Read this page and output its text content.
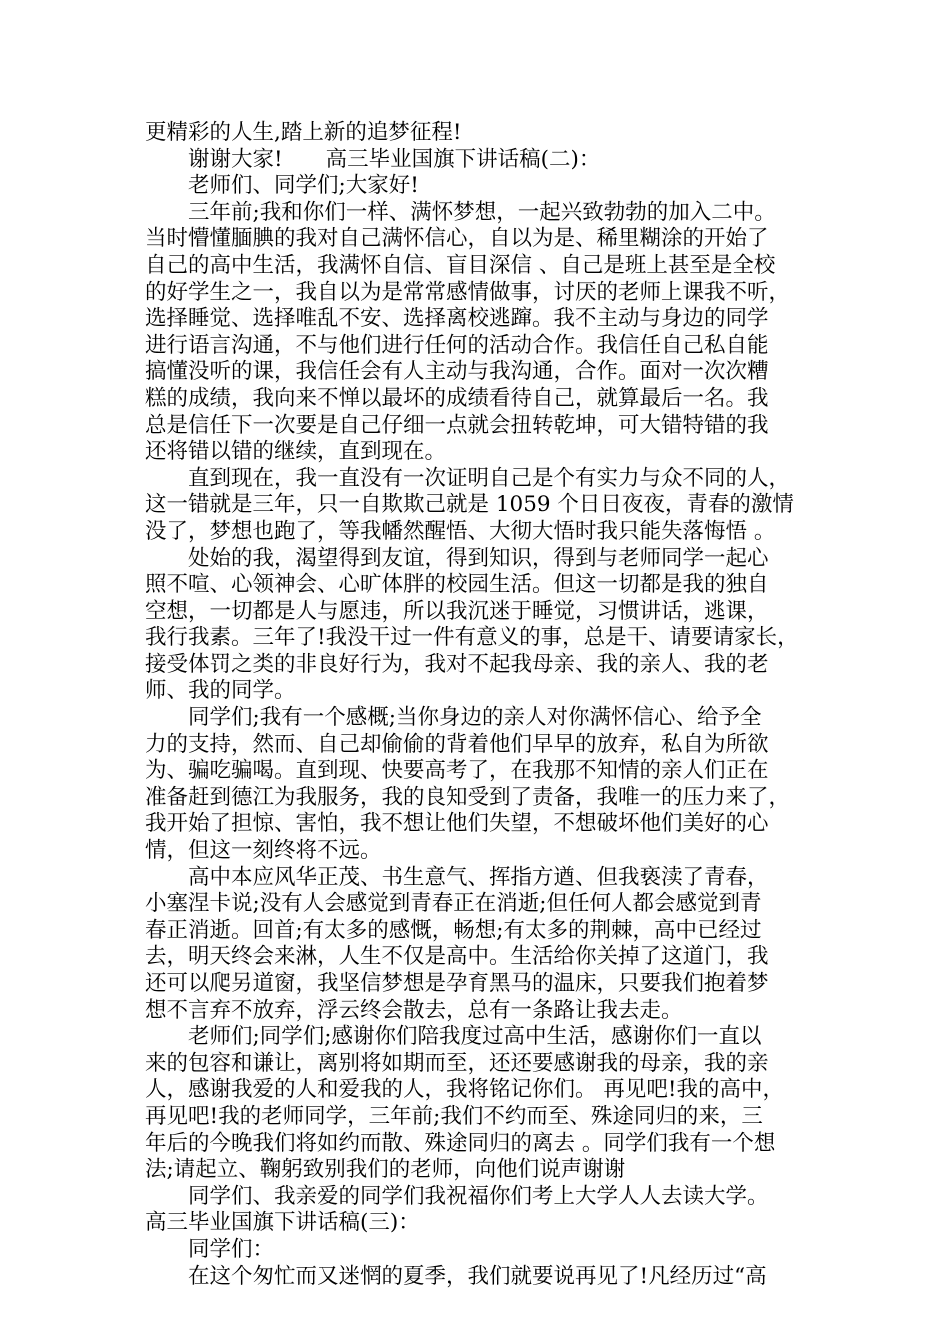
更精彩的人生,踏上新的追梦征程!
谢谢大家!　　高三毕业国旗下讲话稿(二)：
老师们、同学们;大家好!
三年前;我和你们一样、满怀梦想，一起兴致勃勃的加入二中。
当时懵懂腼腆的我对自己满怀信心，自以为是、稀里糊涂的开始了
自己的高中生活，我满怀自信、盲目深信 、自己是班上甚至是全校
的好学生之一，我自以为是常常感情做事，讨厌的老师上课我不听，
选择睡觉、选择唯乱不安、选择离校逃蹿。我不主动与身边的同学
进行语言沟通，不与他们进行任何的活动合作。我信任自己私自能
搞懂没听的课，我信任会有人主动与我沟通，合作。面对一次次糟
糕的成绩，我向来不惮以最坏的成绩看待自己，就算最后一名。我
总是信任下一次要是自己仔细一点就会扭转乾坤，可大错特错的我
还将错以错的继续，直到现在。
直到现在，我一直没有一次证明自己是个有实力与众不同的人，
这一错就是三年，只一自欺欺己就是 1059 个日日夜夜，青春的激情
没了，梦想也跑了，等我幡然醒悟、大彻大悟时我只能失落悔悟 。
处始的我，渴望得到友谊，得到知识，得到与老师同学一起心
照不喧、心领神会、心旷体胖的校园生活。但这一切都是我的独自
空想，一切都是人与愿违，所以我沉迷于睡觉，习惯讲话，逃课，
我行我素。三年了!我没干过一件有意义的事，总是干、请要请家长，
接受体罚之类的非良好行为，我对不起我母亲、我的亲人、我的老
师、我的同学。
同学们;我有一个感概;当你身边的亲人对你满怀信心、给予全
力的支持，然而、自己却偷偷的背着他们早早的放弃，私自为所欲
为、骗吃骗喝。直到现、快要高考了，在我那不知情的亲人们正在
准备赶到德江为我服务，我的良知受到了责备，我唯一的压力来了，
我开始了担惊、害怕，我不想让他们失望，不想破坏他们美好的心
情，但这一刻终将不远。
高中本应风华正茂、书生意气、挥指方遒、但我亵渎了青春，
小塞涅卡说;没有人会感觉到青春正在消逝;但任何人都会感觉到青
春正消逝。回首;有太多的感慨，畅想;有太多的荆棘，高中已经过
去，明天终会来淋，人生不仅是高中。生活给你关掉了这道门，我
还可以爬另道窗，我坚信梦想是孕育黑马的温床，只要我们抱着梦
想不言弃不放弃，浮云终会散去，总有一条路让我去走。
老师们;同学们;感谢你们陪我度过高中生活，感谢你们一直以
来的包容和谦让，离别将如期而至，还还要感谢我的母亲，我的亲
人，感谢我爱的人和爱我的人，我将铭记你们。 再见吧!我的高中，
再见吧!我的老师同学，三年前;我们不约而至、殊途同归的来，三
年后的今晚我们将如约而散、殊途同归的离去 。同学们我有一个想
法;请起立、鞠躬致别我们的老师，向他们说声谢谢
同学们、我亲爱的同学们我祝福你们考上大学人人去读大学。
高三毕业国旗下讲话稿(三)：
同学们：
在这个匆忙而又迷惘的夏季，我们就要说再见了!凡经历过“高
